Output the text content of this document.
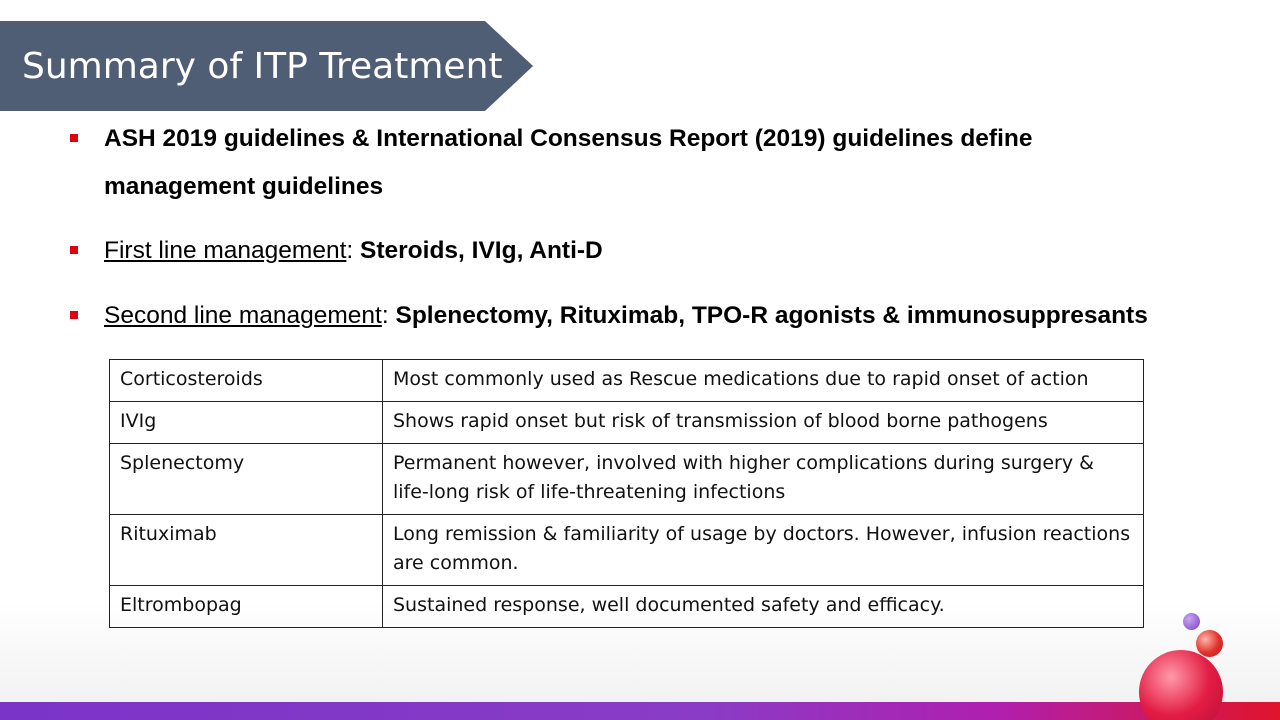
Summary of ITP Treatment
ASH 2019 guidelines & International Consensus Report (2019) guidelines define
management guidelines
First line management: Steroids, IVIg, Anti-D
Second line management: Splenectomy, Rituximab, TPO-R agonists & immunosuppresants
Corticosteroids	Most commonly used as Rescue medications due to rapid onset of action
IVIg	Shows rapid onset but risk of transmission of blood borne pathogens
Splenectomy	Permanent however, involved with higher complications during surgery & life-long risk of life-threatening infections
Rituximab	Long remission & familiarity of usage by doctors. However, infusion reactions are common.
Eltrombopag	Sustained response, well documented safety and efficacy.
